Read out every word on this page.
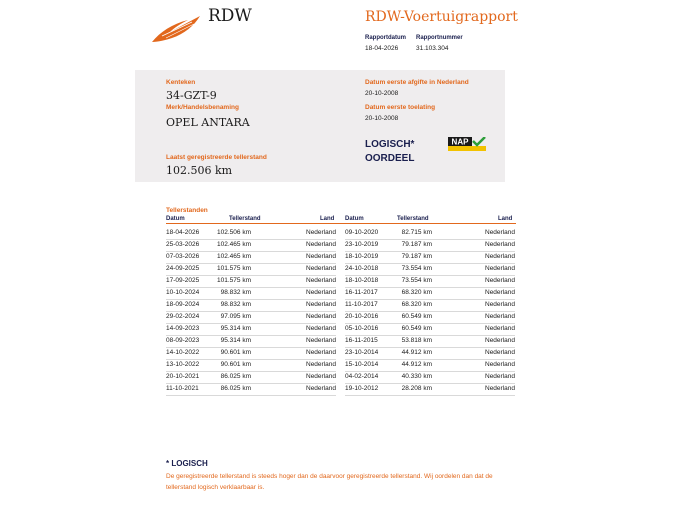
RDW	RDW-Voertuigrapport
Rapportdatum
18-04-2026
Rapportnummer
31.103.304
Kenteken
34-GZT-9
Merk/Handelsbenaming
OPEL ANTARA
Laatst geregistreerde tellerstand
102.506 km
Datum eerste afgifte in Nederland
20-10-2008
Datum eerste toelating
20-10-2008
LOGISCH*
OORDEEL
NAP
Tellerstanden
Datum	Tellerstand	Land Datum	Tellerstand	Land
18-04-2026	102.506 km	Nederland
25-03-2026	102.465 km	Nederland
07-03-2026	102.465 km	Nederland
24-09-2025	101.575 km	Nederland
17-09-2025	101.575 km	Nederland
10-10-2024	98.832 km	Nederland
18-09-2024	98.832 km	Nederland
29-02-2024	97.095 km	Nederland
14-09-2023	95.314 km	Nederland
08-09-2023	95.314 km	Nederland
14-10-2022	90.601 km	Nederland
13-10-2022	90.601 km	Nederland
20-10-2021	86.025 km	Nederland
11-10-2021	86.025 km	Nederland
09-10-2020	82.715 km	Nederland
23-10-2019	79.187 km	Nederland
18-10-2019	79.187 km	Nederland
24-10-2018	73.554 km	Nederland
18-10-2018	73.554 km	Nederland
16-11-2017	68.320 km	Nederland
11-10-2017	68.320 km	Nederland
20-10-2016	60.549 km	Nederland
05-10-2016	60.549 km	Nederland
16-11-2015	53.818 km	Nederland
23-10-2014	44.912 km	Nederland
15-10-2014	44.912 km	Nederland
04-02-2014	40.330 km	Nederland
19-10-2012	28.208 km	Nederland
* LOGISCH
De geregistreerde tellerstand is steeds hoger dan de daarvoor geregistreerde tellerstand. Wij oordelen dan dat de tellerstand logisch verklaarbaar is.
